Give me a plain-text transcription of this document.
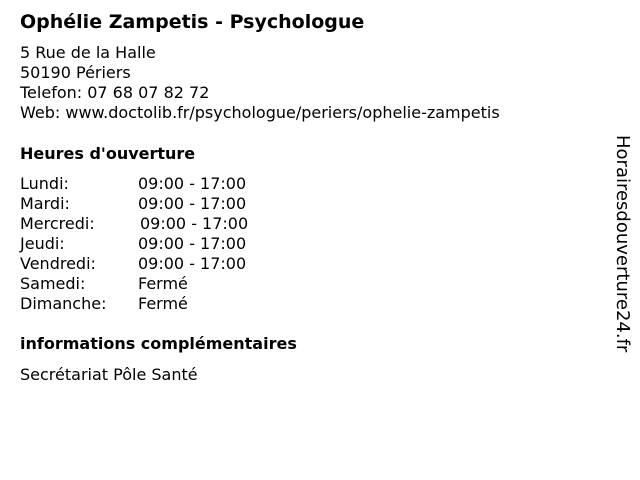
Ophélie Zampetis - Psychologue
5 Rue de la Halle
50190 Périers
Telefon: 07 68 07 82 72
Web: www.doctolib.fr/psychologue/periers/ophelie-zampetis
Heures d'ouverture
Lundi:	09:00 - 17:00
Mardi:	09:00 - 17:00
Mercredi:	09:00 - 17:00
Jeudi:	09:00 - 17:00
Vendredi:	09:00 - 17:00
Samedi:	Fermé
Dimanche: Fermé
informations complémentaires
Secrétariat Pôle Santé
Horairesdouverture24.fr
